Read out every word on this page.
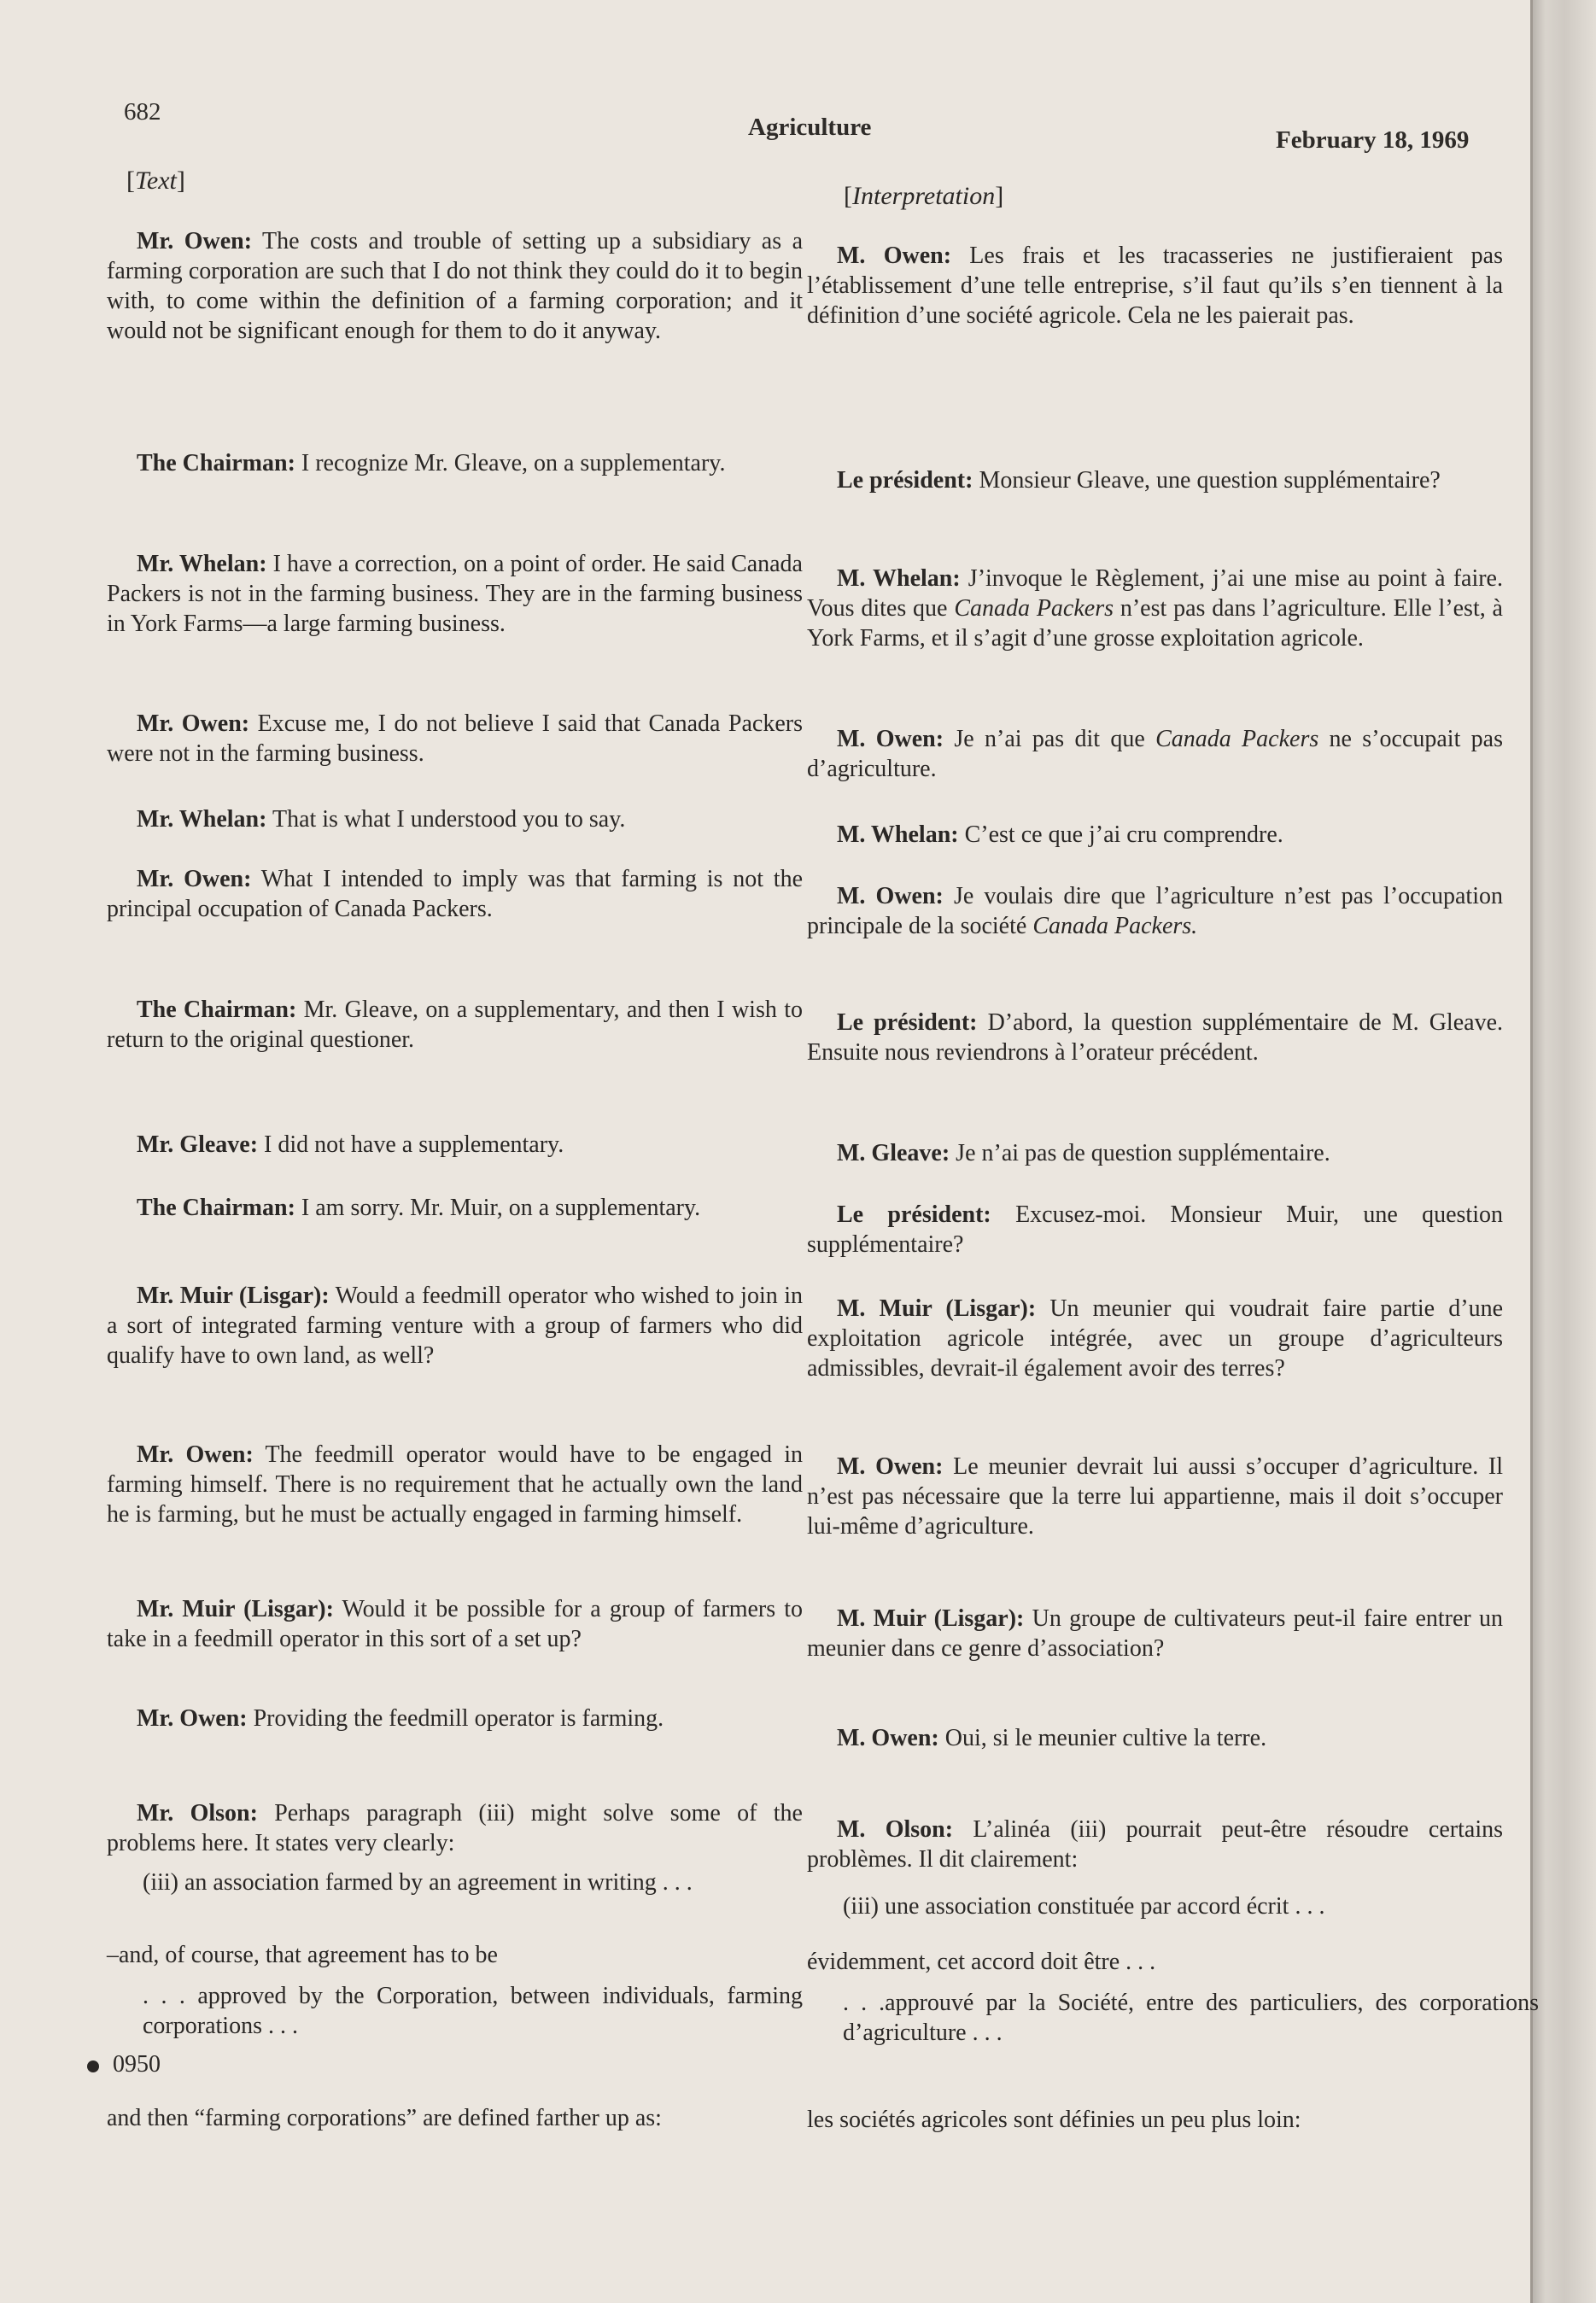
682
Agriculture	February 18, 1969
[Text]
[Interpretation]
Mr. Owen: The costs and trouble of setting up a subsidiary as a farming corporation are such that I do not think they could do it to begin with, to come within the definition of a farming corporation; and it would not be significant enough for them to do it anyway.
The Chairman: I recognize Mr. Gleave, on a supplementary.
Mr. Whelan: I have a correction, on a point of order. He said Canada Packers is not in the farming business. They are in the farming business in York Farms—a large farming business.
Mr. Owen: Excuse me, I do not believe I said that Canada Packers were not in the farming business.
Mr. Whelan: That is what I understood you to say.
Mr. Owen: What I intended to imply was that farming is not the principal occupation of Canada Packers.
The Chairman: Mr. Gleave, on a supplementary, and then I wish to return to the original questioner.
Mr. Gleave: I did not have a supplementary.
The Chairman: I am sorry. Mr. Muir, on a supplementary.
Mr. Muir (Lisgar): Would a feedmill operator who wished to join in a sort of integrated farming venture with a group of farmers who did qualify have to own land, as well?
Mr. Owen: The feedmill operator would have to be engaged in farming himself. There is no requirement that he actually own the land he is farming, but he must be actually engaged in farming himself.
Mr. Muir (Lisgar): Would it be possible for a group of farmers to take in a feedmill operator in this sort of a set up?
Mr. Owen: Providing the feedmill operator is farming.
Mr. Olson: Perhaps paragraph (iii) might solve some of the problems here. It states very clearly:
(iii) an association farmed by an agreement in writing . . .
–and, of course, that agreement has to be
. . . approved by the Corporation, between individuals, farming corporations . . .
0950
and then “farming corporations” are defined farther up as:
M. Owen: Les frais et les tracasseries ne justifieraient pas l’établissement d’une telle entreprise, s’il faut qu’ils s’en tiennent à la définition d’une société agricole. Cela ne les paierait pas.
Le président: Monsieur Gleave, une question supplémentaire?
M. Whelan: J’invoque le Règlement, j’ai une mise au point à faire. Vous dites que Canada Packers n’est pas dans l’agriculture. Elle l’est, à York Farms, et il s’agit d’une grosse exploitation agricole.
M. Owen: Je n’ai pas dit que Canada Packers ne s’occupait pas d’agriculture.
M. Whelan: C’est ce que j’ai cru comprendre.
M. Owen: Je voulais dire que l’agriculture n’est pas l’occupation principale de la société Canada Packers.
Le président: D’abord, la question supplémentaire de M. Gleave. Ensuite nous reviendrons à l’orateur précédent.
M. Gleave: Je n’ai pas de question supplémentaire.
Le président: Excusez-moi. Monsieur Muir, une question supplémentaire?
M. Muir (Lisgar): Un meunier qui voudrait faire partie d’une exploitation agricole intégrée, avec un groupe d’agriculteurs admissibles, devrait-il également avoir des terres?
M. Owen: Le meunier devrait lui aussi s’occuper d’agriculture. Il n’est pas nécessaire que la terre lui appartienne, mais il doit s’occuper lui-même d’agriculture.
M. Muir (Lisgar): Un groupe de cultivateurs peut-il faire entrer un meunier dans ce genre d’association?
M. Owen: Oui, si le meunier cultive la terre.
M. Olson: L’alinéa (iii) pourrait peut-être résoudre certains problèmes. Il dit clairement:
(iii) une association constituée par accord écrit . . .
évidemment, cet accord doit être . . .
. . .approuvé par la Société, entre des particuliers, des corporations d’agriculture . . .
les sociétés agricoles sont définies un peu plus loin:
